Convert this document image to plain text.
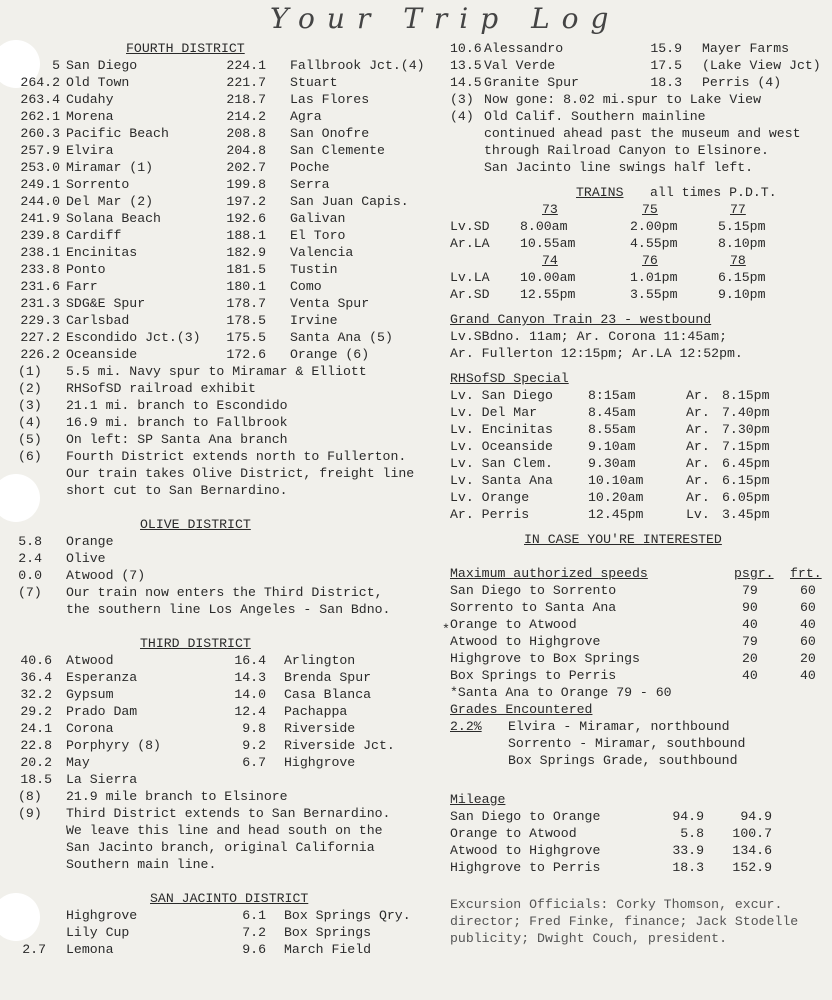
Your Trip Log
FOURTH DISTRICT
5 San Diego	224.1 Fallbrook Jct.(4)
264.2 Old Town	221.7 Stuart
263.4 Cudahy	218.7 Las Flores
262.1 Morena	214.2 Agra
260.3 Pacific Beach	208.8 San Onofre
257.9 Elvira	204.8 San Clemente
253.0 Miramar (1)	202.7 Poche
249.1 Sorrento	199.8 Serra
244.0 Del Mar (2)	197.2 San Juan Capis.
241.9 Solana Beach	192.6 Galivan
239.8 Cardiff	188.1 El Toro
238.1 Encinitas	182.9 Valencia
233.8 Ponto	181.5 Tustin
231.6 Farr	180.1 Como
231.3 SDG&E Spur	178.7 Venta Spur
229.3 Carlsbad	178.5 Irvine
227.2 Escondido Jct.(3)	175.5 Santa Ana (5)
226.2 Oceanside	172.6 Orange (6)
(1) 5.5 mi. Navy spur to Miramar & Elliott
(2) RHSofSD railroad exhibit
(3) 21.1 mi. branch to Escondido
(4) 16.9 mi. branch to Fallbrook
(5) On left: SP Santa Ana branch
(6) Fourth District extends north to Fullerton.
Our train takes Olive District, freight line
short cut to San Bernardino.
OLIVE DISTRICT
5.8 Orange
2.4 Olive
0.0 Atwood (7)
(7) Our train now enters the Third District,
the southern line Los Angeles - San Bdno.
THIRD DISTRICT
40.6 Atwood	16.4 Arlington
36.4 Esperanza	14.3 Brenda Spur
32.2 Gypsum	14.0 Casa Blanca
29.2 Prado Dam	12.4 Pachappa
24.1 Corona	9.8 Riverside
22.8 Porphyry (8)	9.2 Riverside Jct.
20.2 May	6.7 Highgrove
18.5 La Sierra
(8) 21.9 mile branch to Elsinore
(9) Third District extends to San Bernardino.
We leave this line and head south on the
San Jacinto branch, original California
Southern main line.
SAN JACINTO DISTRICT
Highgrove	6.1 Box Springs Qry.
Lily Cup	7.2 Box Springs
2.7 Lemona	9.6 March Field
10.6 Alessandro	15.9 Mayer Farms
13.5 Val Verde	17.5 (Lake View Jct)
14.5 Granite Spur	18.3 Perris (4)
(3) Now gone: 8.02 mi.spur to Lake View
(4) Old Calif. Southern mainline
continued ahead past the museum and west
through Railroad Canyon to Elsinore.
San Jacinto line swings half left.
TRAINS all times P.D.T.
73	75	77
Lv.SD 8.00am	2.00pm	5.15pm
Ar.LA 10.55am	4.55pm	8.10pm
74	76	78
Lv.LA 10.00am	1.01pm	6.15pm
Ar.SD 12.55pm	3.55pm	9.10pm
Grand Canyon Train 23 - westbound
Lv.SBdno. 11am; Ar. Corona 11:45am;
Ar. Fullerton 12:15pm; Ar.LA 12:52pm.
RHSofSD Special
Lv. San Diego	8:15am	Ar. 8.15pm
Lv. Del Mar	8.45am	Ar. 7.40pm
Lv. Encinitas	8.55am	Ar. 7.30pm
Lv. Oceanside	9.10am	Ar. 7.15pm
Lv. San Clem.	9.30am	Ar. 6.45pm
Lv. Santa Ana	10.10am	Ar. 6.15pm
Lv. Orange	10.20am	Ar. 6.05pm
Ar. Perris	12.45pm	Lv. 3.45pm
IN CASE YOU'RE INTERESTED
Maximum authorized speeds	psgr. frt.
San Diego to Sorrento	79	60
Sorrento to Santa Ana	90	60
* Orange to Atwood	40	40
Atwood to Highgrove	79	60
Highgrove to Box Springs	20	20
Box Springs to Perris	40	40
*Santa Ana to Orange 79 - 60
Grades Encountered
2.2% Elvira - Miramar, northbound
Sorrento - Miramar, southbound
Box Springs Grade, southbound
Mileage
San Diego to Orange	94.9	94.9
Orange to Atwood	5.8	100.7
Atwood to Highgrove	33.9	134.6
Highgrove to Perris	18.3	152.9
Excursion Officials: Corky Thomson, excur.
director; Fred Finke, finance; Jack Stodelle
publicity; Dwight Couch, president.
